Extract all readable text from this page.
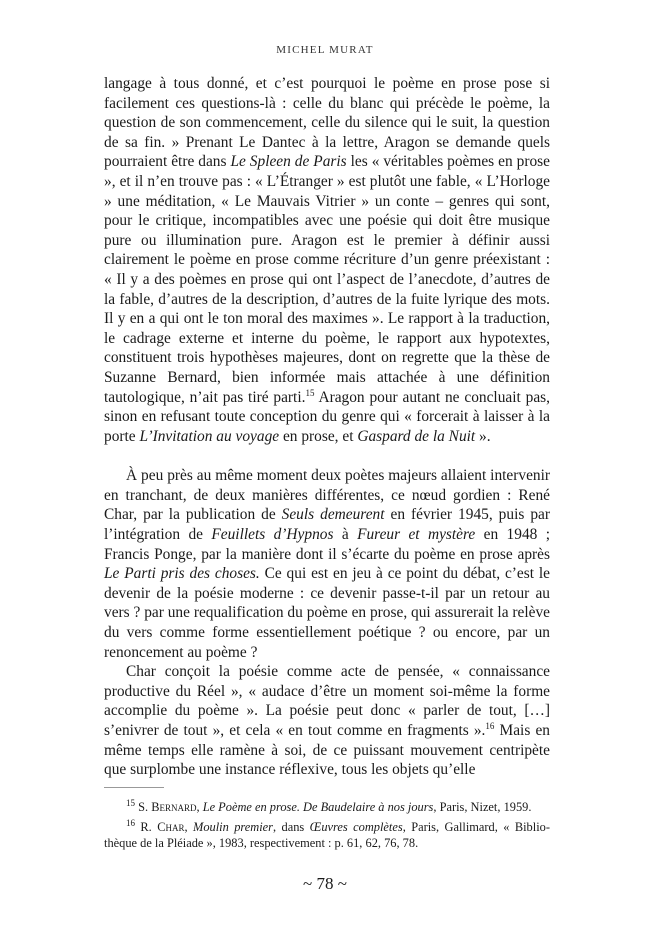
MICHEL MURAT

langage à tous donné, et c’est pourquoi le poème en prose pose si facilement ces questions-là : celle du blanc qui précède le poème, la question de son commencement, celle du silence qui le suit, la question de sa fin. » Prenant Le Dantec à la lettre, Aragon se demande quels pourraient être dans Le Spleen de Paris les « véritables poèmes en prose », et il n’en trouve pas : « L’Étranger » est plutôt une fable, « L’Horloge » une méditation, « Le Mauvais Vitrier » un conte – genres qui sont, pour le critique, incompatibles avec une poésie qui doit être musique pure ou illumination pure. Aragon est le premier à définir aussi clairement le poème en prose comme récriture d’un genre préexistant : « Il y a des poèmes en prose qui ont l’aspect de l’anecdote, d’autres de la fable, d’autres de la description, d’autres de la fuite lyrique des mots. Il y en a qui ont le ton moral des maximes ». Le rapport à la traduction, le cadrage externe et interne du poème, le rapport aux hypotextes, constituent trois hypothèses majeures, dont on regrette que la thèse de Suzanne Bernard, bien informée mais attachée à une définition tautologique, n’ait pas tiré parti.$^{15}$ Aragon pour autant ne concluait pas, sinon en refusant toute conception du genre qui « forcerait à laisser à la porte L’Invitation au voyage en prose, et Gaspard de la Nuit ».

À peu près au même moment deux poètes majeurs allaient intervenir en tranchant, de deux manières différentes, ce nœud gordien : René Char, par la publication de Seuls demeurent en février 1945, puis par l’intégration de Feuillets d’Hypnos à Fureur et mystère en 1948 ; Francis Ponge, par la manière dont il s’écarte du poème en prose après Le Parti pris des choses. Ce qui est en jeu à ce point du débat, c’est le devenir de la poésie moderne : ce devenir passe-t-il par un retour au vers ? par une requalification du poème en prose, qui assurerait la relève du vers comme forme essentiellement poétique ? ou encore, par un renoncement au poème ?

Char conçoit la poésie comme acte de pensée, « connaissance productive du Réel », « audace d’être un moment soi-même la forme accomplie du poème ». La poésie peut donc « parler de tout, […] s’enivrer de tout », et cela « en tout comme en fragments ».$^{16}$ Mais en même temps elle ramène à soi, de ce puissant mouvement centripète que surplombe une instance réflexive, tous les objets qu’elle

$^{15}$ S. Bernard, Le Poème en prose. De Baudelaire à nos jours, Paris, Nizet, 1959.

$^{16}$ R. Char, Moulin premier, dans Œuvres complètes, Paris, Gallimard, « Bibliothèque de la Pléiade », 1983, respectivement : p. 61, 62, 76, 78.

~ 78 ~
